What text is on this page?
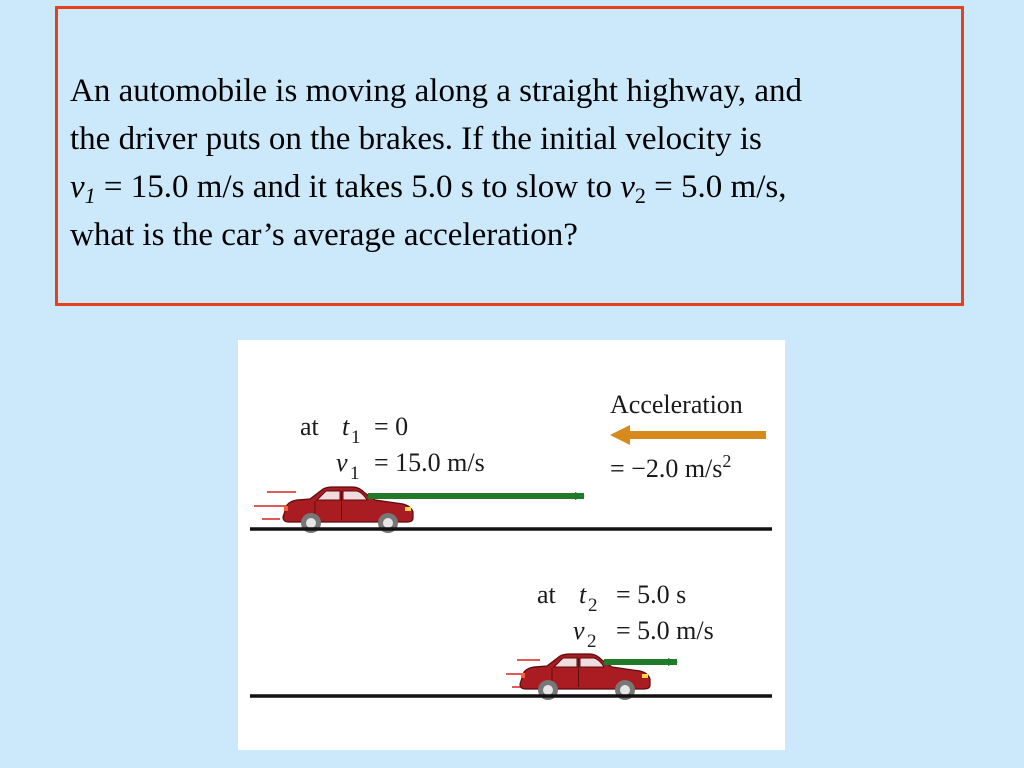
An automobile is moving along a straight highway, and
the driver puts on the brakes. If the initial velocity is
$v_1 = 15.0$ m/s and it takes 5.0 s to slow to $v_2 = 5.0$ m/s,
what is the car’s average acceleration?

Acceleration
= −2.0 $m/s^2$
at t 1 = 0
v 1 = 15.0 m/s
at t 2 = 5.0 s
v 2 = 5.0 m/s
